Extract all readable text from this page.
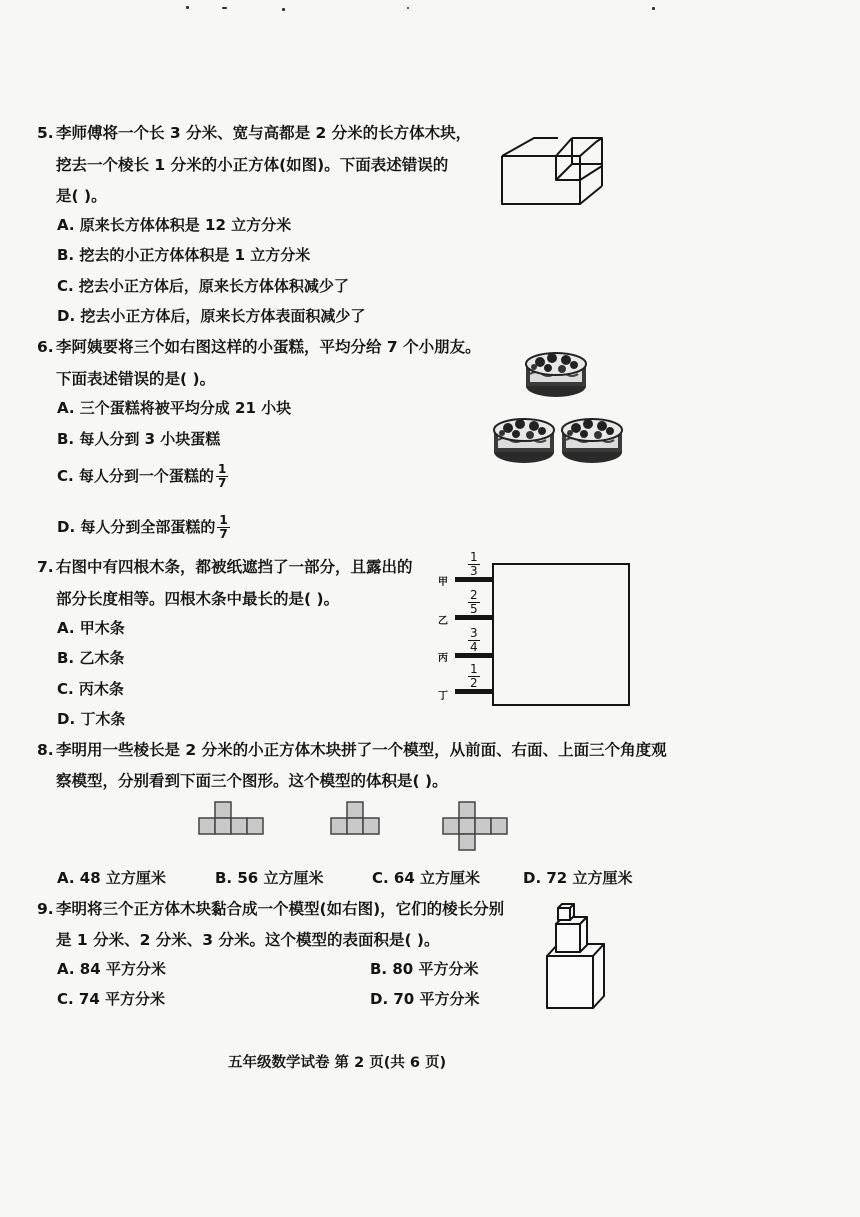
5. 李师傅将一个长 3 分米、宽与高都是 2 分米的长方体木块，
挖去一个棱长 1 分米的小正方体(如图)。下面表述错误的
是( )。
A. 原来长方体体积是 12 立方分米
B. 挖去的小正方体体积是 1 立方分米
C. 挖去小正方体后，原来长方体体积减少了
D. 挖去小正方体后，原来长方体表面积减少了
6. 李阿姨要将三个如右图这样的小蛋糕，平均分给 7 个小朋友。
下面表述错误的是( )。
A. 三个蛋糕将被平均分成 21 小块
B. 每人分到 3 小块蛋糕
C. 每人分到一个蛋糕的 $\frac{1}{7}$
D. 每人分到全部蛋糕的 $\frac{1}{7}$
7. 右图中有四根木条，都被纸遮挡了一部分，且露出的
部分长度相等。四根木条中最长的是( )。
A. 甲木条
B. 乙木条
C. 丙木条
D. 丁木条
甲
$\frac{1}{3}$
乙
$\frac{2}{5}$
丙
$\frac{3}{4}$
丁
$\frac{1}{2}$
8. 李明用一些棱长是 2 分米的小正方体木块拼了一个模型，从前面、右面、上面三个角度观
察模型，分别看到下面三个图形。这个模型的体积是( )。
A. 48 立方厘米	B. 56 立方厘米	C. 64 立方厘米	D. 72 立方厘米
9. 李明将三个正方体木块黏合成一个模型(如右图)，它们的棱长分别
是 1 分米、2 分米、3 分米。这个模型的表面积是( )。
A. 84 平方分米	B. 80 平方分米
C. 74 平方分米	D. 70 平方分米
五年级数学试卷 第 2 页(共 6 页)
